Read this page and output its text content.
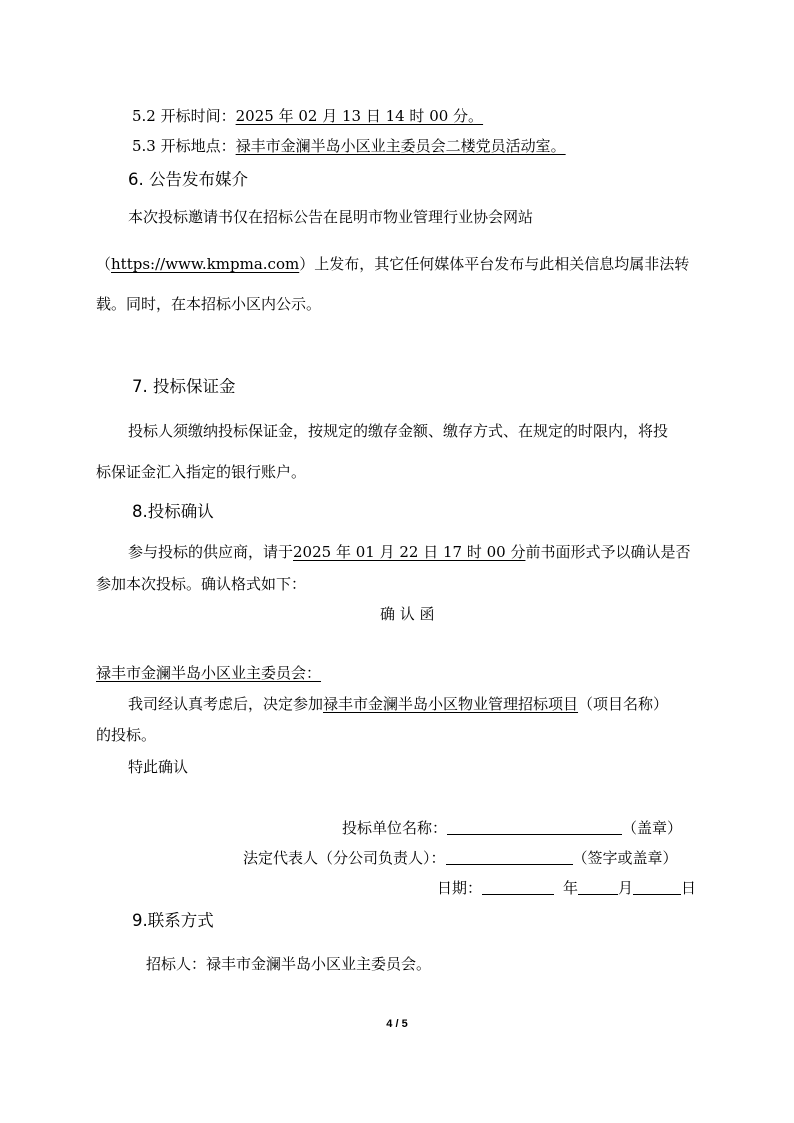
5.2 开标时间：2025 年 02 月 13 日 14 时 00 分。
5.3 开标地点：禄丰市金澜半岛小区业主委员会二楼党员活动室。
6. 公告发布媒介
本次投标邀请书仅在招标公告在昆明市物业管理行业协会网站
（https://www.kmpma.com）上发布，其它任何媒体平台发布与此相关信息均属非法转
载。同时，在本招标小区内公示。
7. 投标保证金
投标人须缴纳投标保证金，按规定的缴存金额、缴存方式、在规定的时限内，将投
标保证金汇入指定的银行账户。
8.投标确认
参与投标的供应商，请于2025 年 01 月 22 日 17 时 00 分前书面形式予以确认是否
参加本次投标。确认格式如下：
确 认 函
禄丰市金澜半岛小区业主委员会：
我司经认真考虑后，决定参加禄丰市金澜半岛小区物业管理招标项目（项目名称）
的投标。
特此确认
投标单位名称：	（盖章）
法定代表人（分公司负责人）：	（签字或盖章）
日期：	年	月	日
9.联系方式
招标人：禄丰市金澜半岛小区业主委员会。
4 / 5
